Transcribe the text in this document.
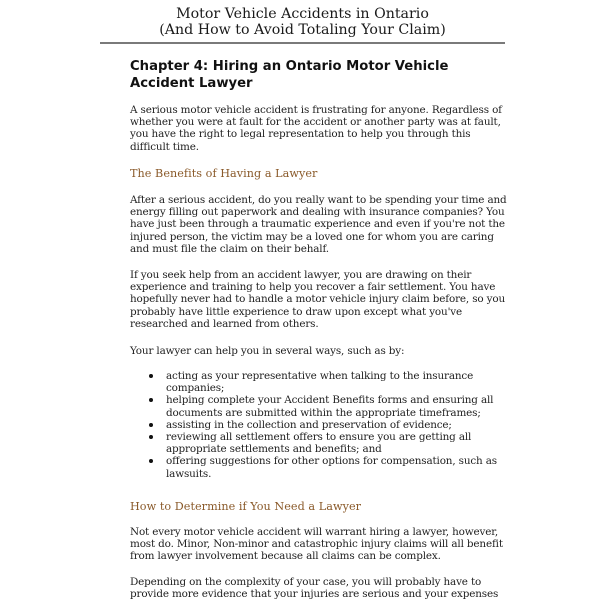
Motor Vehicle Accidents in Ontario
(And How to Avoid Totaling Your Claim)
Chapter 4: Hiring an Ontario Motor Vehicle Accident Lawyer

A serious motor vehicle accident is frustrating for anyone. Regardless of whether you were at fault for the accident or another party was at fault, you have the right to legal representation to help you through this difficult time.

The Benefits of Having a Lawyer

After a serious accident, do you really want to be spending your time and energy filling out paperwork and dealing with insurance companies? You have just been through a traumatic experience and even if you're not the injured person, the victim may be a loved one for whom you are caring and must file the claim on their behalf.

If you seek help from an accident lawyer, you are drawing on their experience and training to help you recover a fair settlement. You have hopefully never had to handle a motor vehicle injury claim before, so you probably have little experience to draw upon except what you've researched and learned from others.

Your lawyer can help you in several ways, such as by:

acting as your representative when talking to the insurance companies;
helping complete your Accident Benefits forms and ensuring all documents are submitted within the appropriate timeframes;
assisting in the collection and preservation of evidence;
reviewing all settlement offers to ensure you are getting all appropriate settlements and benefits; and
offering suggestions for other options for compensation, such as lawsuits.
How to Determine if You Need a Lawyer

Not every motor vehicle accident will warrant hiring a lawyer, however, most do. Minor, Non-minor and catastrophic injury claims will all benefit from lawyer involvement because all claims can be complex.

Depending on the complexity of your case, you will probably have to provide more evidence that your injuries are serious and your expenses
